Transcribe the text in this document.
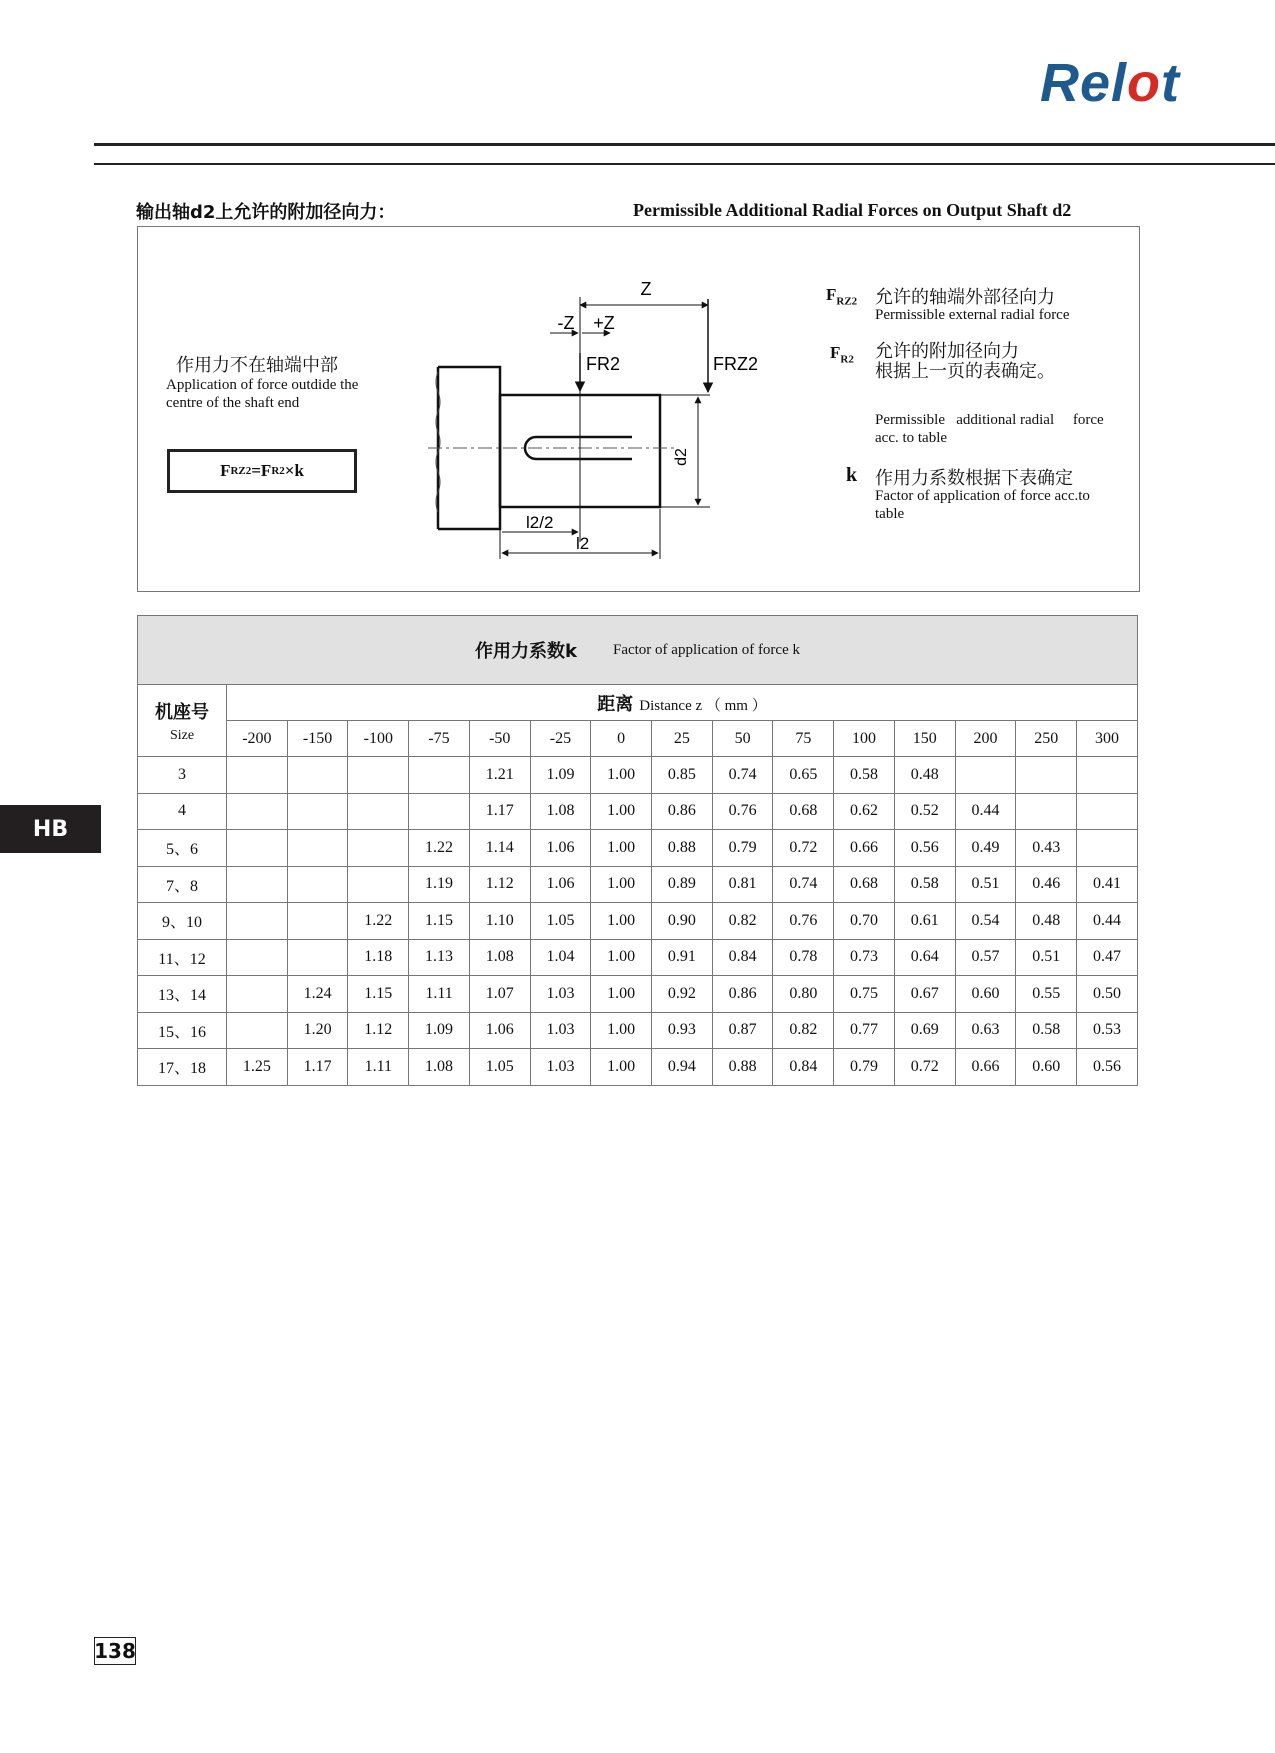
Relot
输出轴d2上允许的附加径向力：	Permissible Additional Radial Forces on Output Shaft d2
作用力不在轴端中部
Application of force outdide the
centre of the shaft end
F RZ2 = F R2 × k
Z
-Z +Z
FR2	FRZ2
d2
l2/2
l2
$F_{RZ2}$ 允许的轴端外部径向力
Permissible external radial force
$F_{R2}$ 允许的附加径向力
根据上一页的表确定。
Permissible   additional radial     force
acc. to table
k 作用力系数根据下表确定
Factor of application of force acc.to
table
作用力系数k Factor of application of force k
机座号
Size	距离 Distance z （ mm ）														
	-200	-150	-100	-75	-50	-25	0	25	50	75	100	150	200	250	300
3					1.21	1.09	1.00	0.85	0.74	0.65	0.58	0.48			
4					1.17	1.08	1.00	0.86	0.76	0.68	0.62	0.52	0.44		
5、6				1.22	1.14	1.06	1.00	0.88	0.79	0.72	0.66	0.56	0.49	0.43	
7、8				1.19	1.12	1.06	1.00	0.89	0.81	0.74	0.68	0.58	0.51	0.46	0.41
9、10			1.22	1.15	1.10	1.05	1.00	0.90	0.82	0.76	0.70	0.61	0.54	0.48	0.44
11、12			1.18	1.13	1.08	1.04	1.00	0.91	0.84	0.78	0.73	0.64	0.57	0.51	0.47
13、14		1.24	1.15	1.11	1.07	1.03	1.00	0.92	0.86	0.80	0.75	0.67	0.60	0.55	0.50
15、16		1.20	1.12	1.09	1.06	1.03	1.00	0.93	0.87	0.82	0.77	0.69	0.63	0.58	0.53
17、18	1.25	1.17	1.11	1.08	1.05	1.03	1.00	0.94	0.88	0.84	0.79	0.72	0.66	0.60	0.56
HB
138
